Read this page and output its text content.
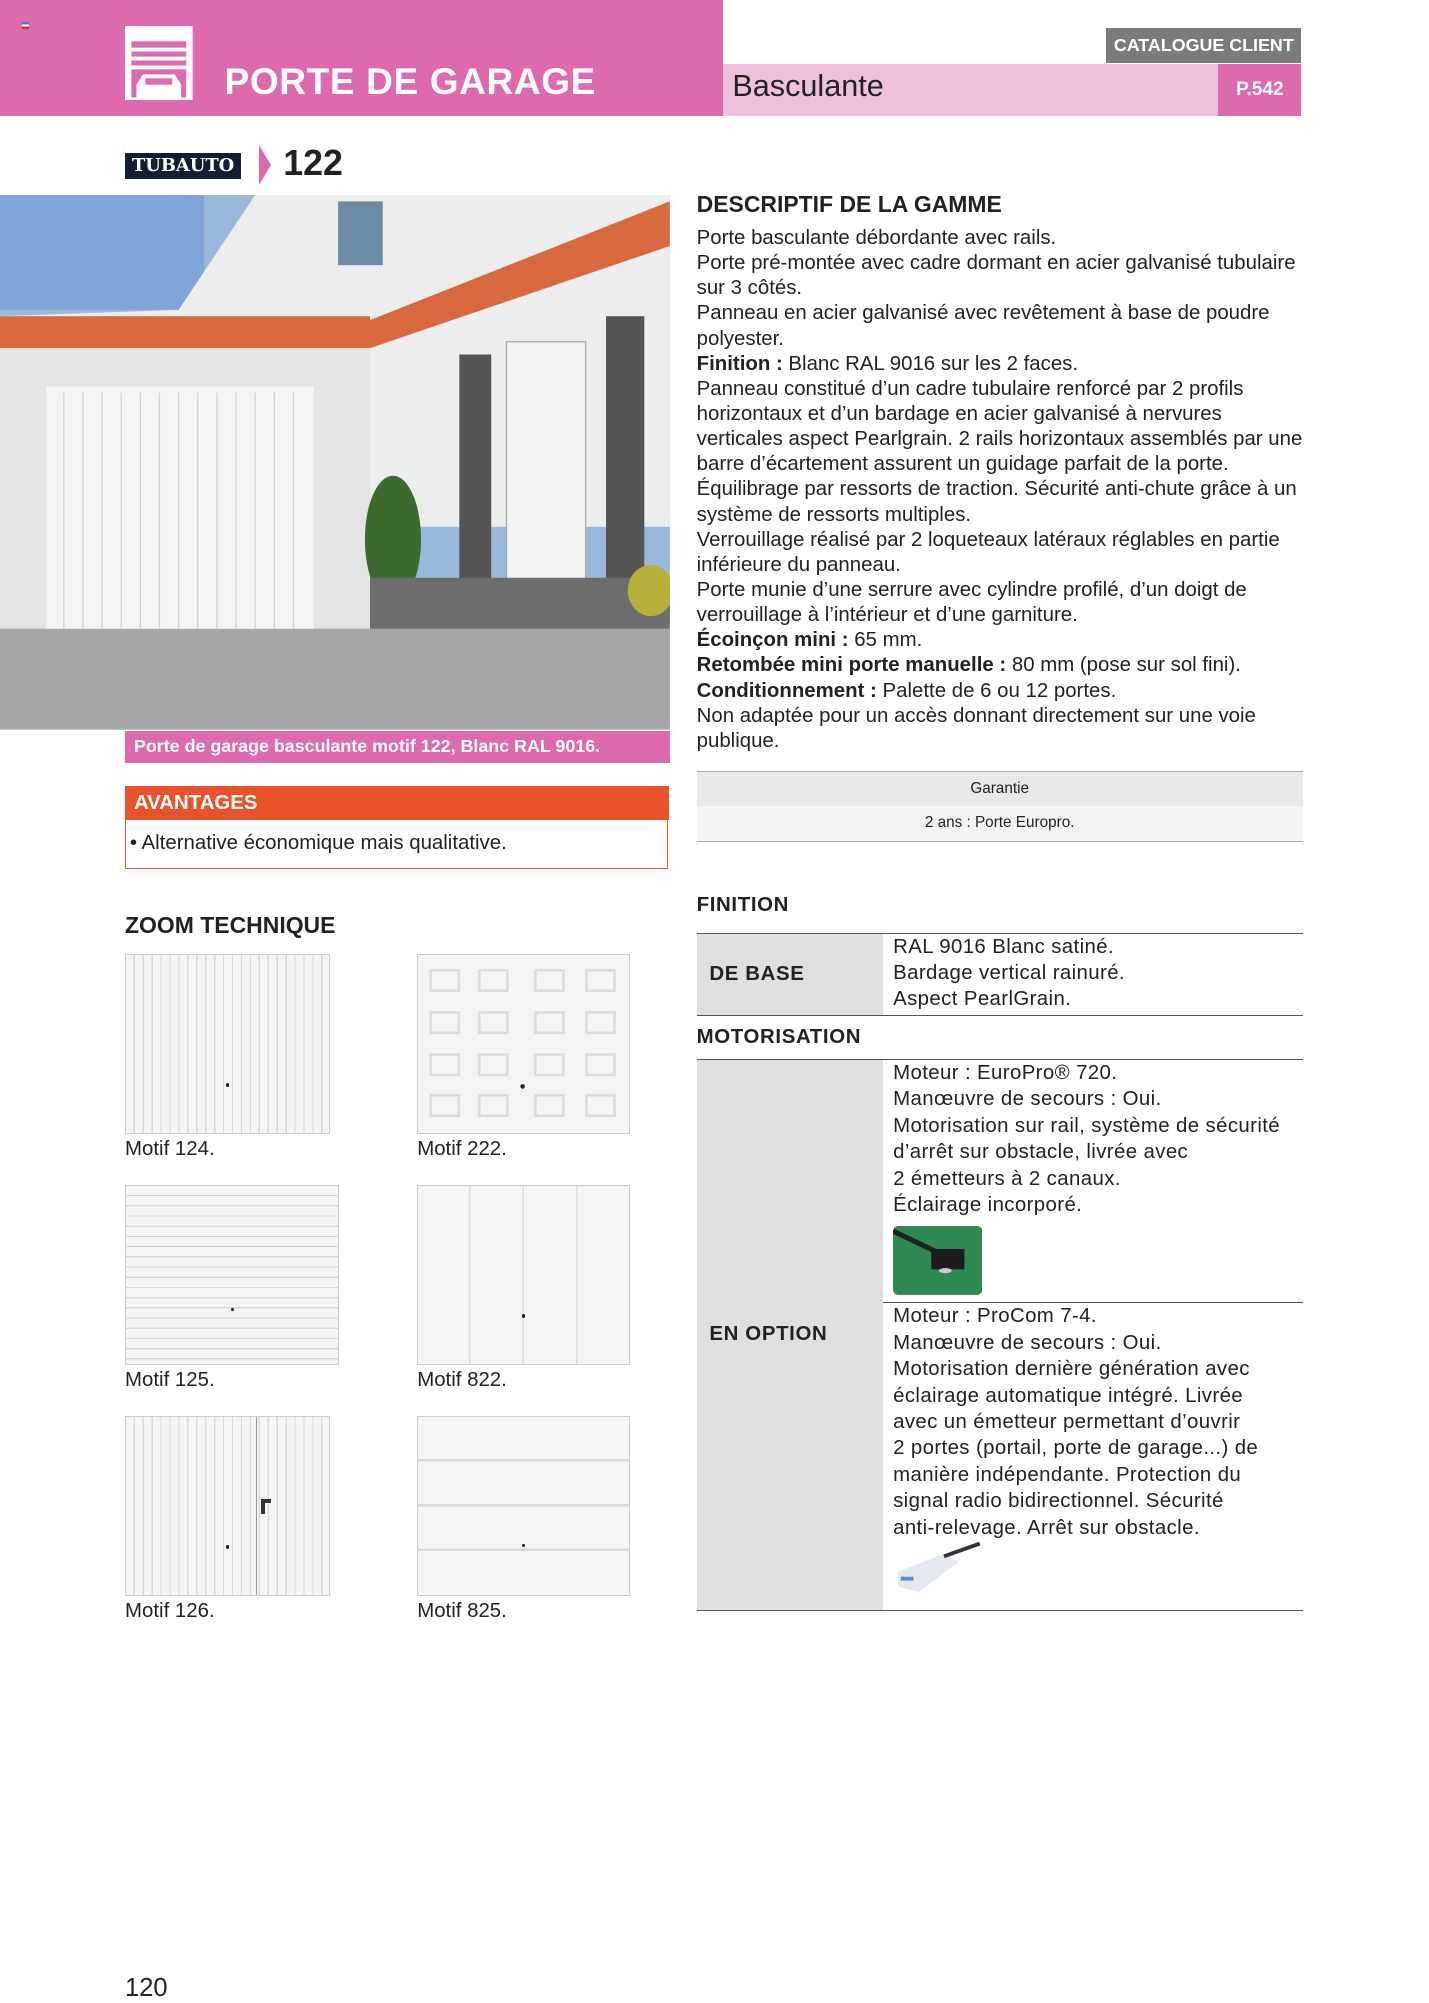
PORTE DE GARAGE
CATALOGUE CLIENT
Basculante	P.542
TUBAUTO 122
Porte de garage basculante motif 122, Blanc RAL 9016.
AVANTAGES
• Alternative économique mais qualitative.
ZOOM TECHNIQUE
Motif 124.	Motif 222.
Motif 125.	Motif 822.
Motif 126.	Motif 825.
DESCRIPTIF DE LA GAMME

Porte basculante débordante avec rails.

Porte pré-montée avec cadre dormant en acier galvanisé tubulaire sur 3 côtés.

Panneau en acier galvanisé avec revêtement à base de poudre polyester.

Finition : Blanc RAL 9016 sur les 2 faces.

Panneau constitué d’un cadre tubulaire renforcé par 2 profils horizontaux et d’un bardage en acier galvanisé à nervures verticales aspect Pearlgrain. 2 rails horizontaux assemblés par une barre d’écartement assurent un guidage parfait de la porte.

Équilibrage par ressorts de traction. Sécurité anti-chute grâce à un système de ressorts multiples.

Verrouillage réalisé par 2 loqueteaux latéraux réglables en partie inférieure du panneau.

Porte munie d’une serrure avec cylindre profilé, d’un doigt de verrouillage à l’intérieur et d’une garniture.

Écoinçon mini : 65 mm.

Retombée mini porte manuelle : 80 mm (pose sur sol fini).

Conditionnement : Palette de 6 ou 12 portes.

Non adaptée pour un accès donnant directement sur une voie publique.

Garantie
2 ans : Porte Europro.
FINITION
DE BASE
RAL 9016 Blanc satiné.
Bardage vertical rainuré.
Aspect PearlGrain.
MOTORISATION
EN OPTION
Moteur : EuroPro® 720.
Manœuvre de secours : Oui.
Motorisation sur rail, système de sécurité
d’arrêt sur obstacle, livrée avec
2 émetteurs à 2 canaux.
Éclairage incorporé.
Moteur : ProCom 7-4.
Manœuvre de secours : Oui.
Motorisation dernière génération avec
éclairage automatique intégré. Livrée
avec un émetteur permettant d’ouvrir
2 portes (portail, porte de garage...) de
manière indépendante. Protection du
signal radio bidirectionnel. Sécurité
anti-relevage. Arrêt sur obstacle.
120
